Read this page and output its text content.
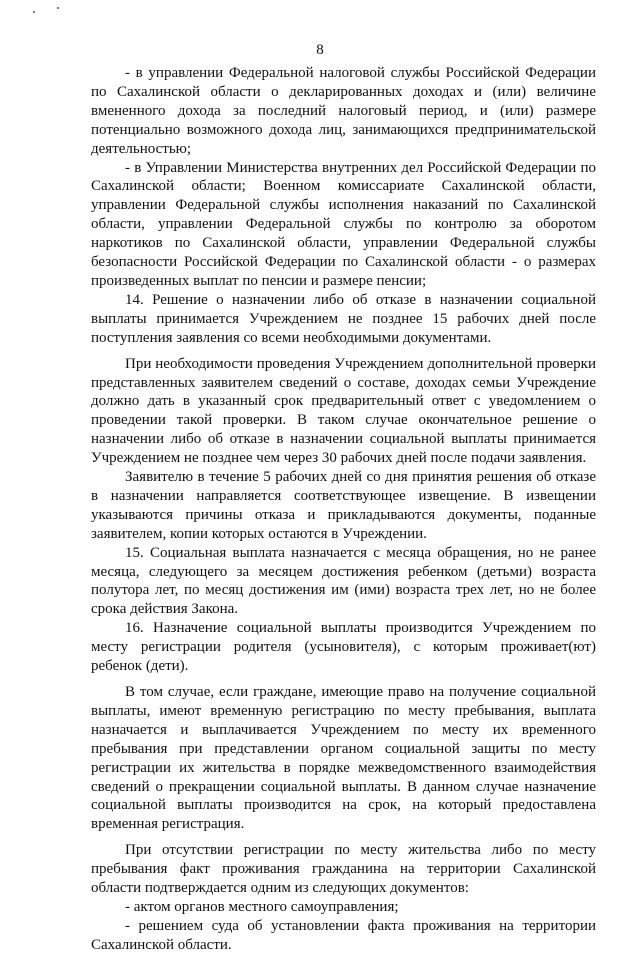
8

- в управлении Федеральной налоговой службы Российской Федерации по Сахалинской области о декларированных доходах и (или) величине вмененного дохода за последний налоговый период, и (или) размере потенциально возможного дохода лиц, занимающихся предпринимательской деятельностью;

- в Управлении Министерства внутренних дел Российской Федерации по Сахалинской области; Военном комиссариате Сахалинской области, управлении Федеральной службы исполнения наказаний по Сахалинской области, управлении Федеральной службы по контролю за оборотом наркотиков по Сахалинской области, управлении Федеральной службы безопасности Российской Федерации по Сахалинской области - о размерах произведенных выплат по пенсии и размере пенсии;

14. Решение о назначении либо об отказе в назначении социальной выплаты принимается Учреждением не позднее 15 рабочих дней после поступления заявления со всеми необходимыми документами.

При необходимости проведения Учреждением дополнительной проверки представленных заявителем сведений о составе, доходах семьи Учреждение должно дать в указанный срок предварительный ответ с уведомлением о проведении такой проверки. В таком случае окончательное решение о назначении либо об отказе в назначении социальной выплаты принимается Учреждением не позднее чем через 30 рабочих дней после подачи заявления.

Заявителю в течение 5 рабочих дней со дня принятия решения об отказе в назначении направляется соответствующее извещение. В извещении указываются причины отказа и прикладываются документы, поданные заявителем, копии которых остаются в Учреждении.

15. Социальная выплата назначается с месяца обращения, но не ранее месяца, следующего за месяцем достижения ребенком (детьми) возраста полутора лет, по месяц достижения им (ими) возраста трех лет, но не более срока действия Закона.

16. Назначение социальной выплаты производится Учреждением по месту регистрации родителя (усыновителя), с которым проживает(ют) ребенок (дети).

В том случае, если граждане, имеющие право на получение социальной выплаты, имеют временную регистрацию по месту пребывания, выплата назначается и выплачивается Учреждением по месту их временного пребывания при представлении органом социальной защиты по месту регистрации их жительства в порядке межведомственного взаимодействия сведений о прекращении социальной выплаты. В данном случае назначение социальной выплаты производится на срок, на который предоставлена временная регистрация.

При отсутствии регистрации по месту жительства либо по месту пребывания факт проживания гражданина на территории Сахалинской области подтверждается одним из следующих документов:

- актом органов местного самоуправления;

- решением суда об установлении факта проживания на территории Сахалинской области.
